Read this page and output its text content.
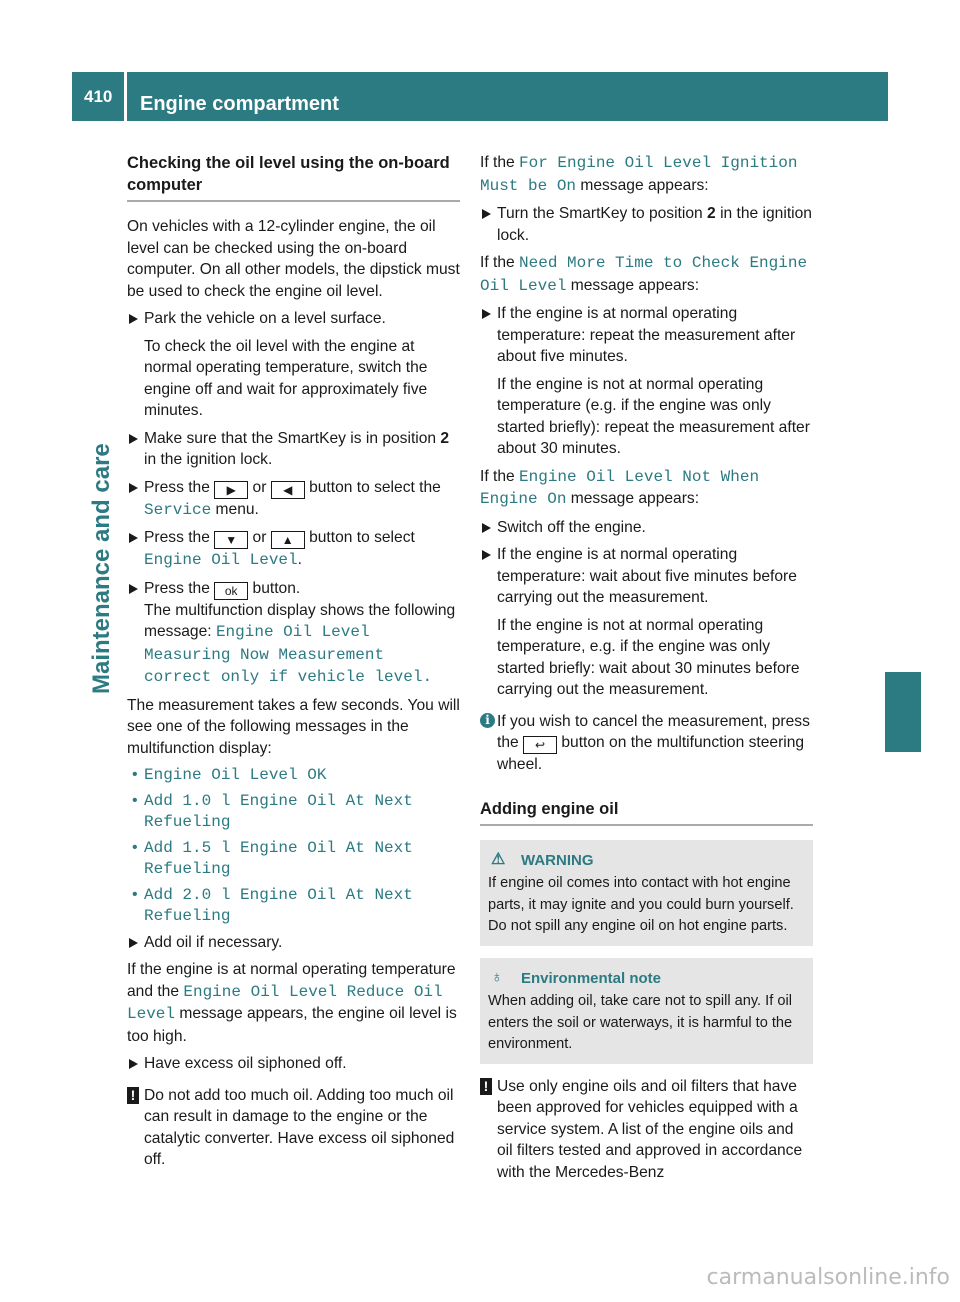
410	Engine compartment
Maintenance and care
Checking the oil level using the on-board computer

On vehicles with a 12-cylinder engine, the oil level can be checked using the on-board computer. On all other models, the dipstick must be used to check the engine oil level.

Park the vehicle on a level surface.
To check the oil level with the engine at normal operating temperature, switch the engine off and wait for approximately five minutes.
Make sure that the SmartKey is in position 2 in the ignition lock.
Press the ▶ or ◀ button to select the Service menu.
Press the ▼ or ▲ button to select Engine Oil Level.
Press the ok button.
The multifunction display shows the following message: Engine Oil Level Measuring Now Measurement correct only if vehicle level.

The measurement takes a few seconds. You will see one of the following messages in the multifunction display:

• Engine Oil Level OK
• Add 1.0 l Engine Oil At Next Refueling
• Add 1.5 l Engine Oil At Next Refueling
• Add 2.0 l Engine Oil At Next Refueling
Add oil if necessary.

If the engine is at normal operating temperature and the Engine Oil Level Reduce Oil Level message appears, the engine oil level is too high.

Have excess oil siphoned off.
! Do not add too much oil. Adding too much oil can result in damage to the engine or the catalytic converter. Have excess oil siphoned off.

If the For Engine Oil Level Ignition Must be On message appears:

Turn the SmartKey to position 2 in the ignition lock.

If the Need More Time to Check Engine Oil Level message appears:

If the engine is at normal operating temperature: repeat the measurement after about five minutes.
If the engine is not at normal operating temperature (e.g. if the engine was only started briefly): repeat the measurement after about 30 minutes.

If the Engine Oil Level Not When Engine On message appears:

Switch off the engine.
If the engine is at normal operating temperature: wait about five minutes before carrying out the measurement.
If the engine is not at normal operating temperature, e.g. if the engine was only started briefly: wait about 30 minutes before carrying out the measurement.
i If you wish to cancel the measurement, press the ↩ button on the multifunction steering wheel.
Adding engine oil
⚠ WARNING
If engine oil comes into contact with hot engine parts, it may ignite and you could burn yourself. Do not spill any engine oil on hot engine parts.
♁ Environmental note
When adding oil, take care not to spill any. If oil enters the soil or waterways, it is harmful to the environment.
! Use only engine oils and oil filters that have been approved for vehicles equipped with a service system. A list of the engine oils and oil filters tested and approved in accordance with the Mercedes-Benz
carmanualsonline.info
